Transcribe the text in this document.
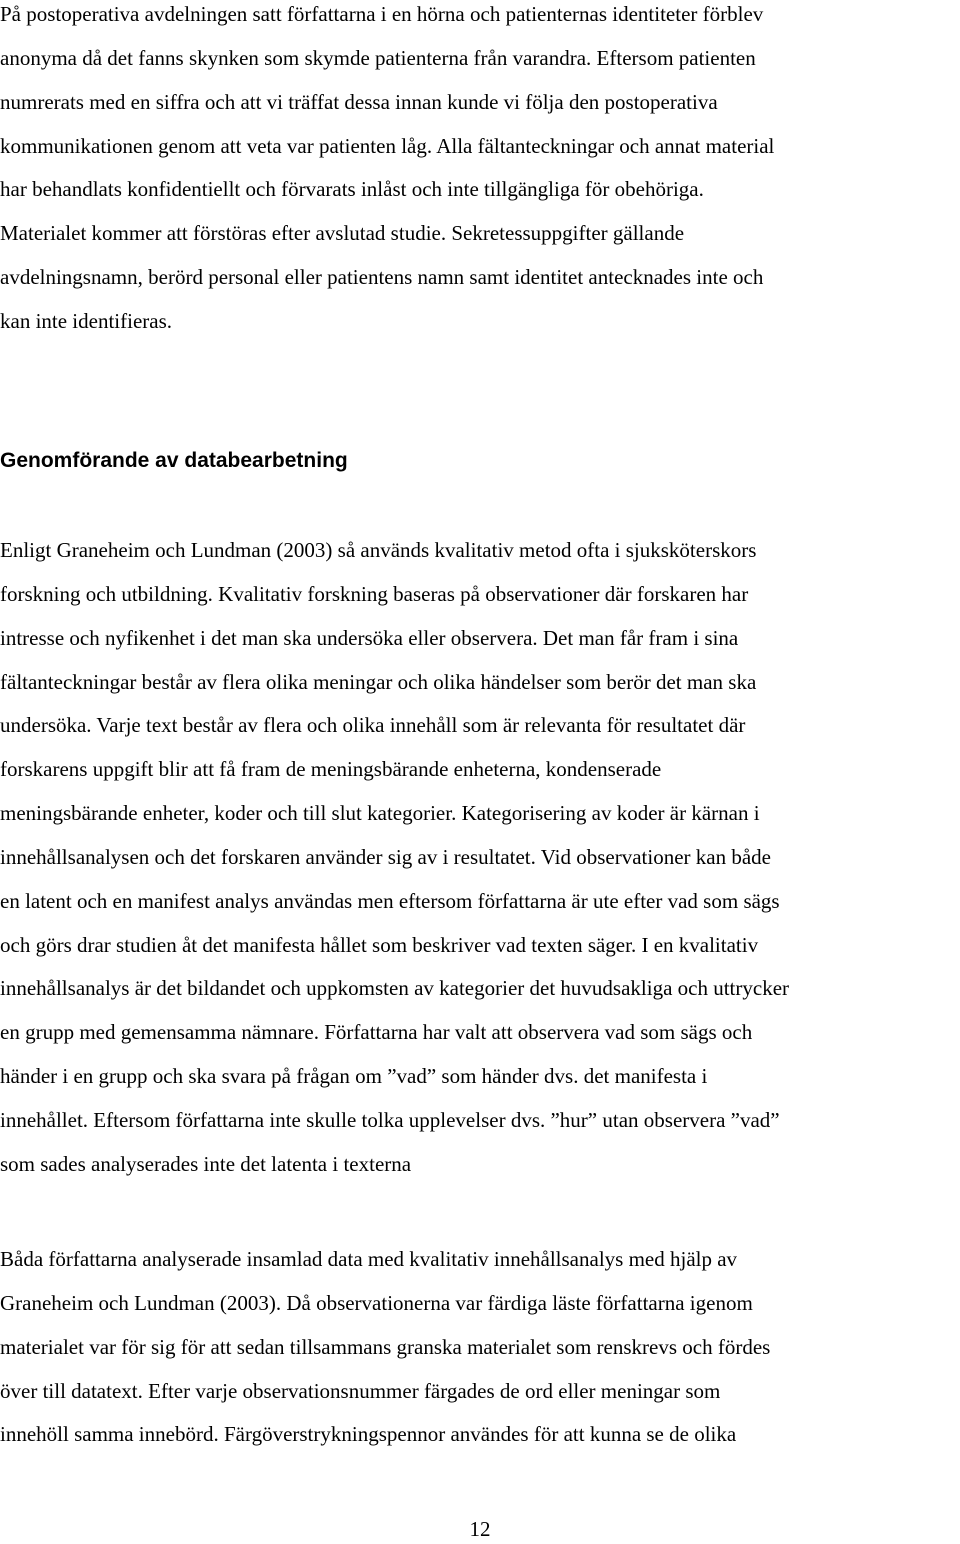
På postoperativa avdelningen satt författarna i en hörna och patienternas identiteter förblev
anonyma då det fanns skynken som skymde patienterna från varandra. Eftersom patienten
numrerats med en siffra och att vi träffat dessa innan kunde vi följa den postoperativa
kommunikationen genom att veta var patienten låg. Alla fältanteckningar och annat material
har behandlats konfidentiellt och förvarats inlåst och inte tillgängliga för obehöriga.
Materialet kommer att förstöras efter avslutad studie. Sekretessuppgifter gällande
avdelningsnamn, berörd personal eller patientens namn samt identitet antecknades inte och
kan inte identifieras.

Genomförande av databearbetning

Enligt Graneheim och Lundman (2003) så används kvalitativ metod ofta i sjuksköterskors
forskning och utbildning. Kvalitativ forskning baseras på observationer där forskaren har
intresse och nyfikenhet i det man ska undersöka eller observera. Det man får fram i sina
fältanteckningar består av flera olika meningar och olika händelser som berör det man ska
undersöka. Varje text består av flera och olika innehåll som är relevanta för resultatet där
forskarens uppgift blir att få fram de meningsbärande enheterna, kondenserade
meningsbärande enheter, koder och till slut kategorier. Kategorisering av koder är kärnan i
innehållsanalysen och det forskaren använder sig av i resultatet. Vid observationer kan både
en latent och en manifest analys användas men eftersom författarna är ute efter vad som sägs
och görs drar studien åt det manifesta hållet som beskriver vad texten säger. I en kvalitativ
innehållsanalys är det bildandet och uppkomsten av kategorier det huvudsakliga och uttrycker
en grupp med gemensamma nämnare. Författarna har valt att observera vad som sägs och
händer i en grupp och ska svara på frågan om ”vad” som händer dvs. det manifesta i
innehållet. Eftersom författarna inte skulle tolka upplevelser dvs. ”hur” utan observera ”vad”
som sades analyserades inte det latenta i texterna

Båda författarna analyserade insamlad data med kvalitativ innehållsanalys med hjälp av
Graneheim och Lundman (2003). Då observationerna var färdiga läste författarna igenom
materialet var för sig för att sedan tillsammans granska materialet som renskrevs och fördes
över till datatext. Efter varje observationsnummer färgades de ord eller meningar som
innehöll samma innebörd. Färgöverstrykningspennor användes för att kunna se de olika

12
